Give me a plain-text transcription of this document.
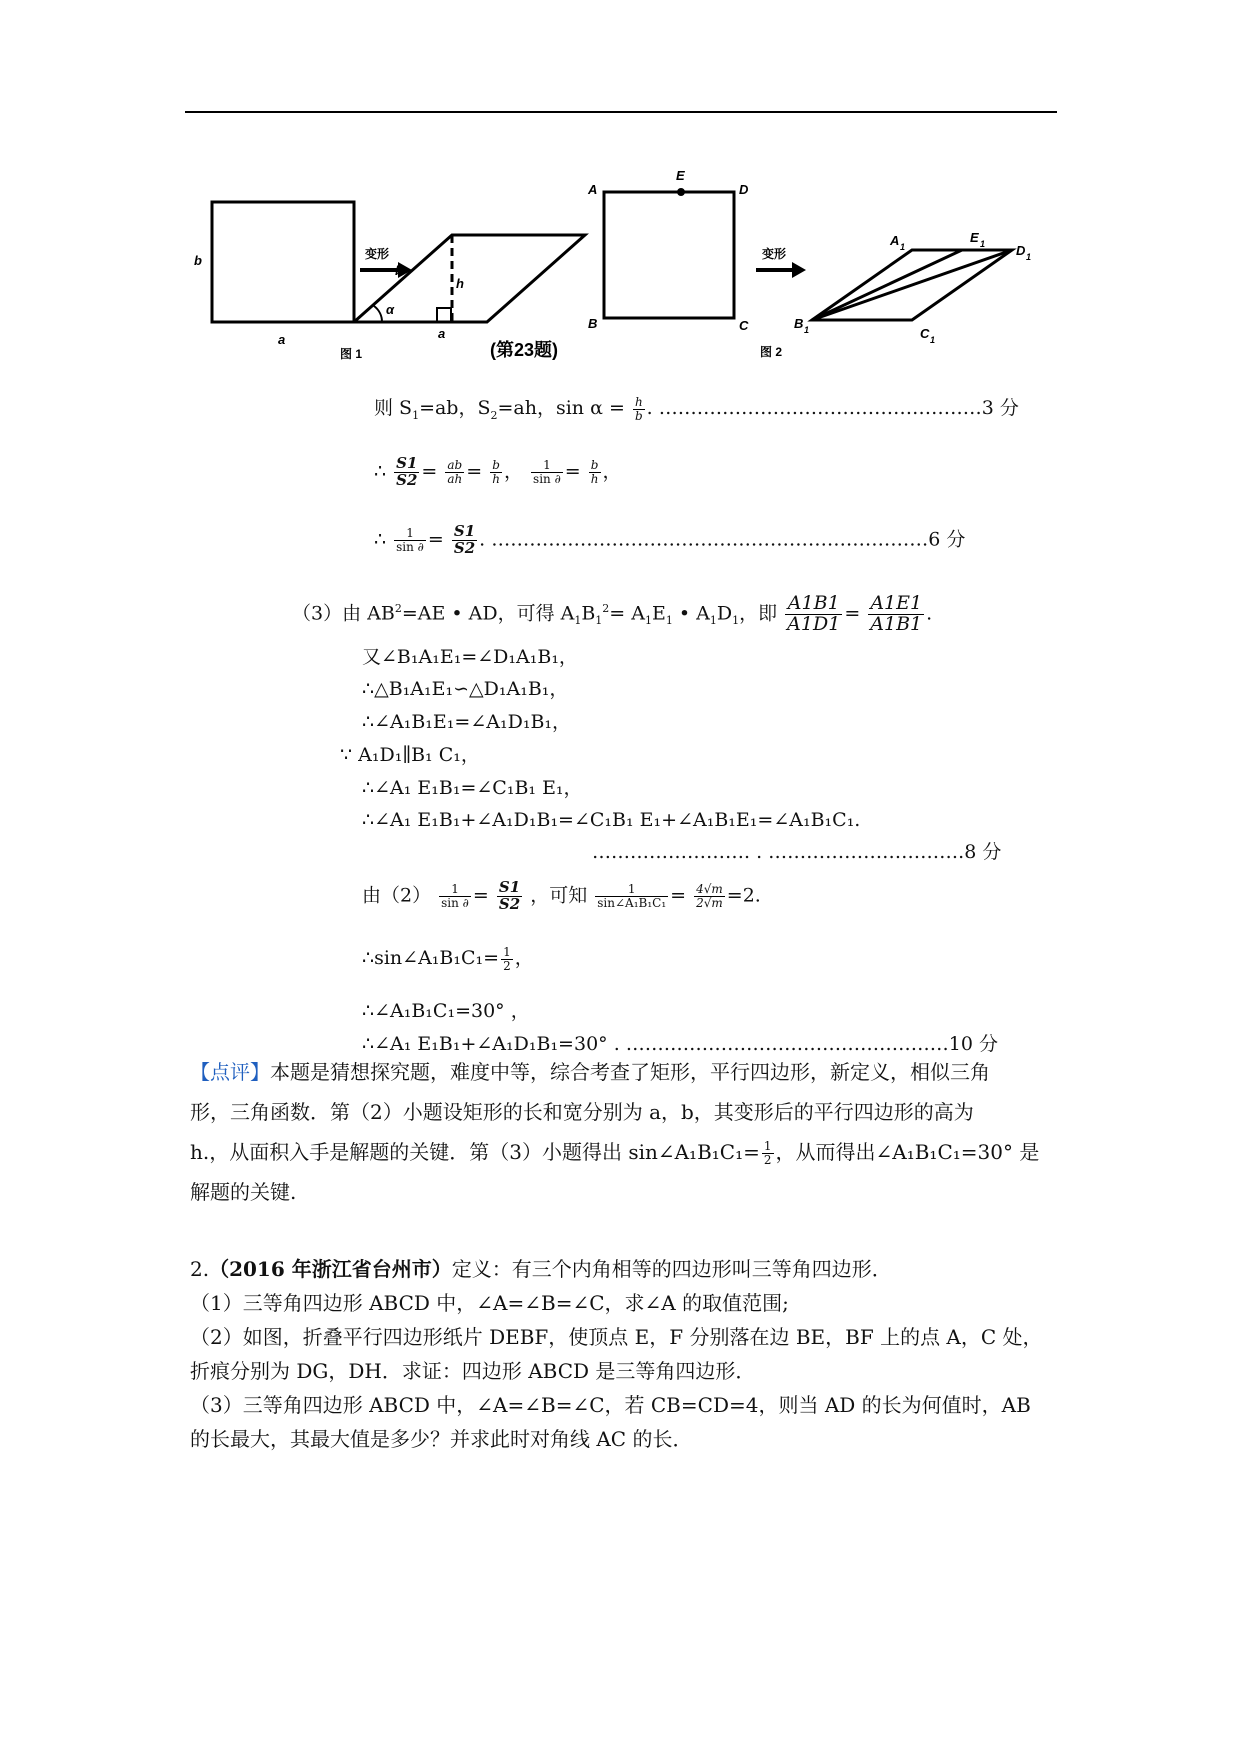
b
a
变形
b
h
α
a
图 1	(第23题)
A
E
D
B	C
变形
A 1
E 1 D 1
B 1	C 1
图 2
则 $S_1=ab$，$S_2=ah$，$\sin \alpha = \frac{h}{b}$ . ……………………………………………3 分
∴ $\frac{S1}{S2} = \frac{ab}{ah} = \frac{b}{h}$ ， $\frac{1}{\sin \partial} = \frac{b}{h}$ ，
∴ $\frac{1}{\sin \partial} = \frac{S1}{S2}$ . ……………………………………………………………6 分
（3）由 $AB^2=AE$ • AD，可得 $A_1B_1^2= A_1E_1$ • $A_1D_1$，即 $\frac{A1B1}{A1D1} = \frac{A1E1}{A1B1}$ .
又∠B₁A₁E₁=∠D₁A₁B₁，
∴△B₁A₁E₁∽△D₁A₁B₁，
∴∠A₁B₁E₁=∠A₁D₁B₁，
∵ A₁D₁∥B₁ C₁，
∴∠A₁ E₁B₁=∠C₁B₁ E₁，
∴∠A₁ E₁B₁+∠A₁D₁B₁=∠C₁B₁ E₁+∠A₁B₁E₁=∠A₁B₁C₁.
……………………. . ………………………….8 分
由$(2) \frac{1}{\sin \partial} = \frac{S1}{S2}$ ，可知 $\frac{1}{\text{sin∠A₁B₁C₁}} = \frac{4√m}{2√m} =2$.
∴sin∠A₁B₁C₁= $\frac{1}{2}$ ，
∴∠A₁B₁C₁=30° ，
∴∠A₁ E₁B₁+∠A₁D₁B₁=30° . ……………………………………………10 分
【点评】本题是猜想探究题，难度中等，综合考查了矩形，平行四边形，新定义，相似三角
形，三角函数．第（2）小题设矩形的长和宽分别为 a，b，其变形后的平行四边形的高为
h.，从面积入手是解题的关键．第（3）小题得出 sin∠A₁B₁C₁= $\frac{1}{2}$ ，从而得出∠A₁B₁C₁=30° 是
解题的关键.
2.（2016 年浙江省台州市）定义：有三个内角相等的四边形叫三等角四边形．
（1）三等角四边形 ABCD 中，∠A=∠B=∠C，求∠A 的取值范围;
（2）如图，折叠平行四边形纸片 DEBF，使顶点 E，F 分别落在边 BE，BF 上的点 A，C 处，
折痕分别为 DG，DH．求证：四边形 ABCD 是三等角四边形．
（3）三等角四边形 ABCD 中，∠A=∠B=∠C，若 CB=CD=4，则当 AD 的长为何值时，AB
的长最大，其最大值是多少？并求此时对角线 AC 的长．
